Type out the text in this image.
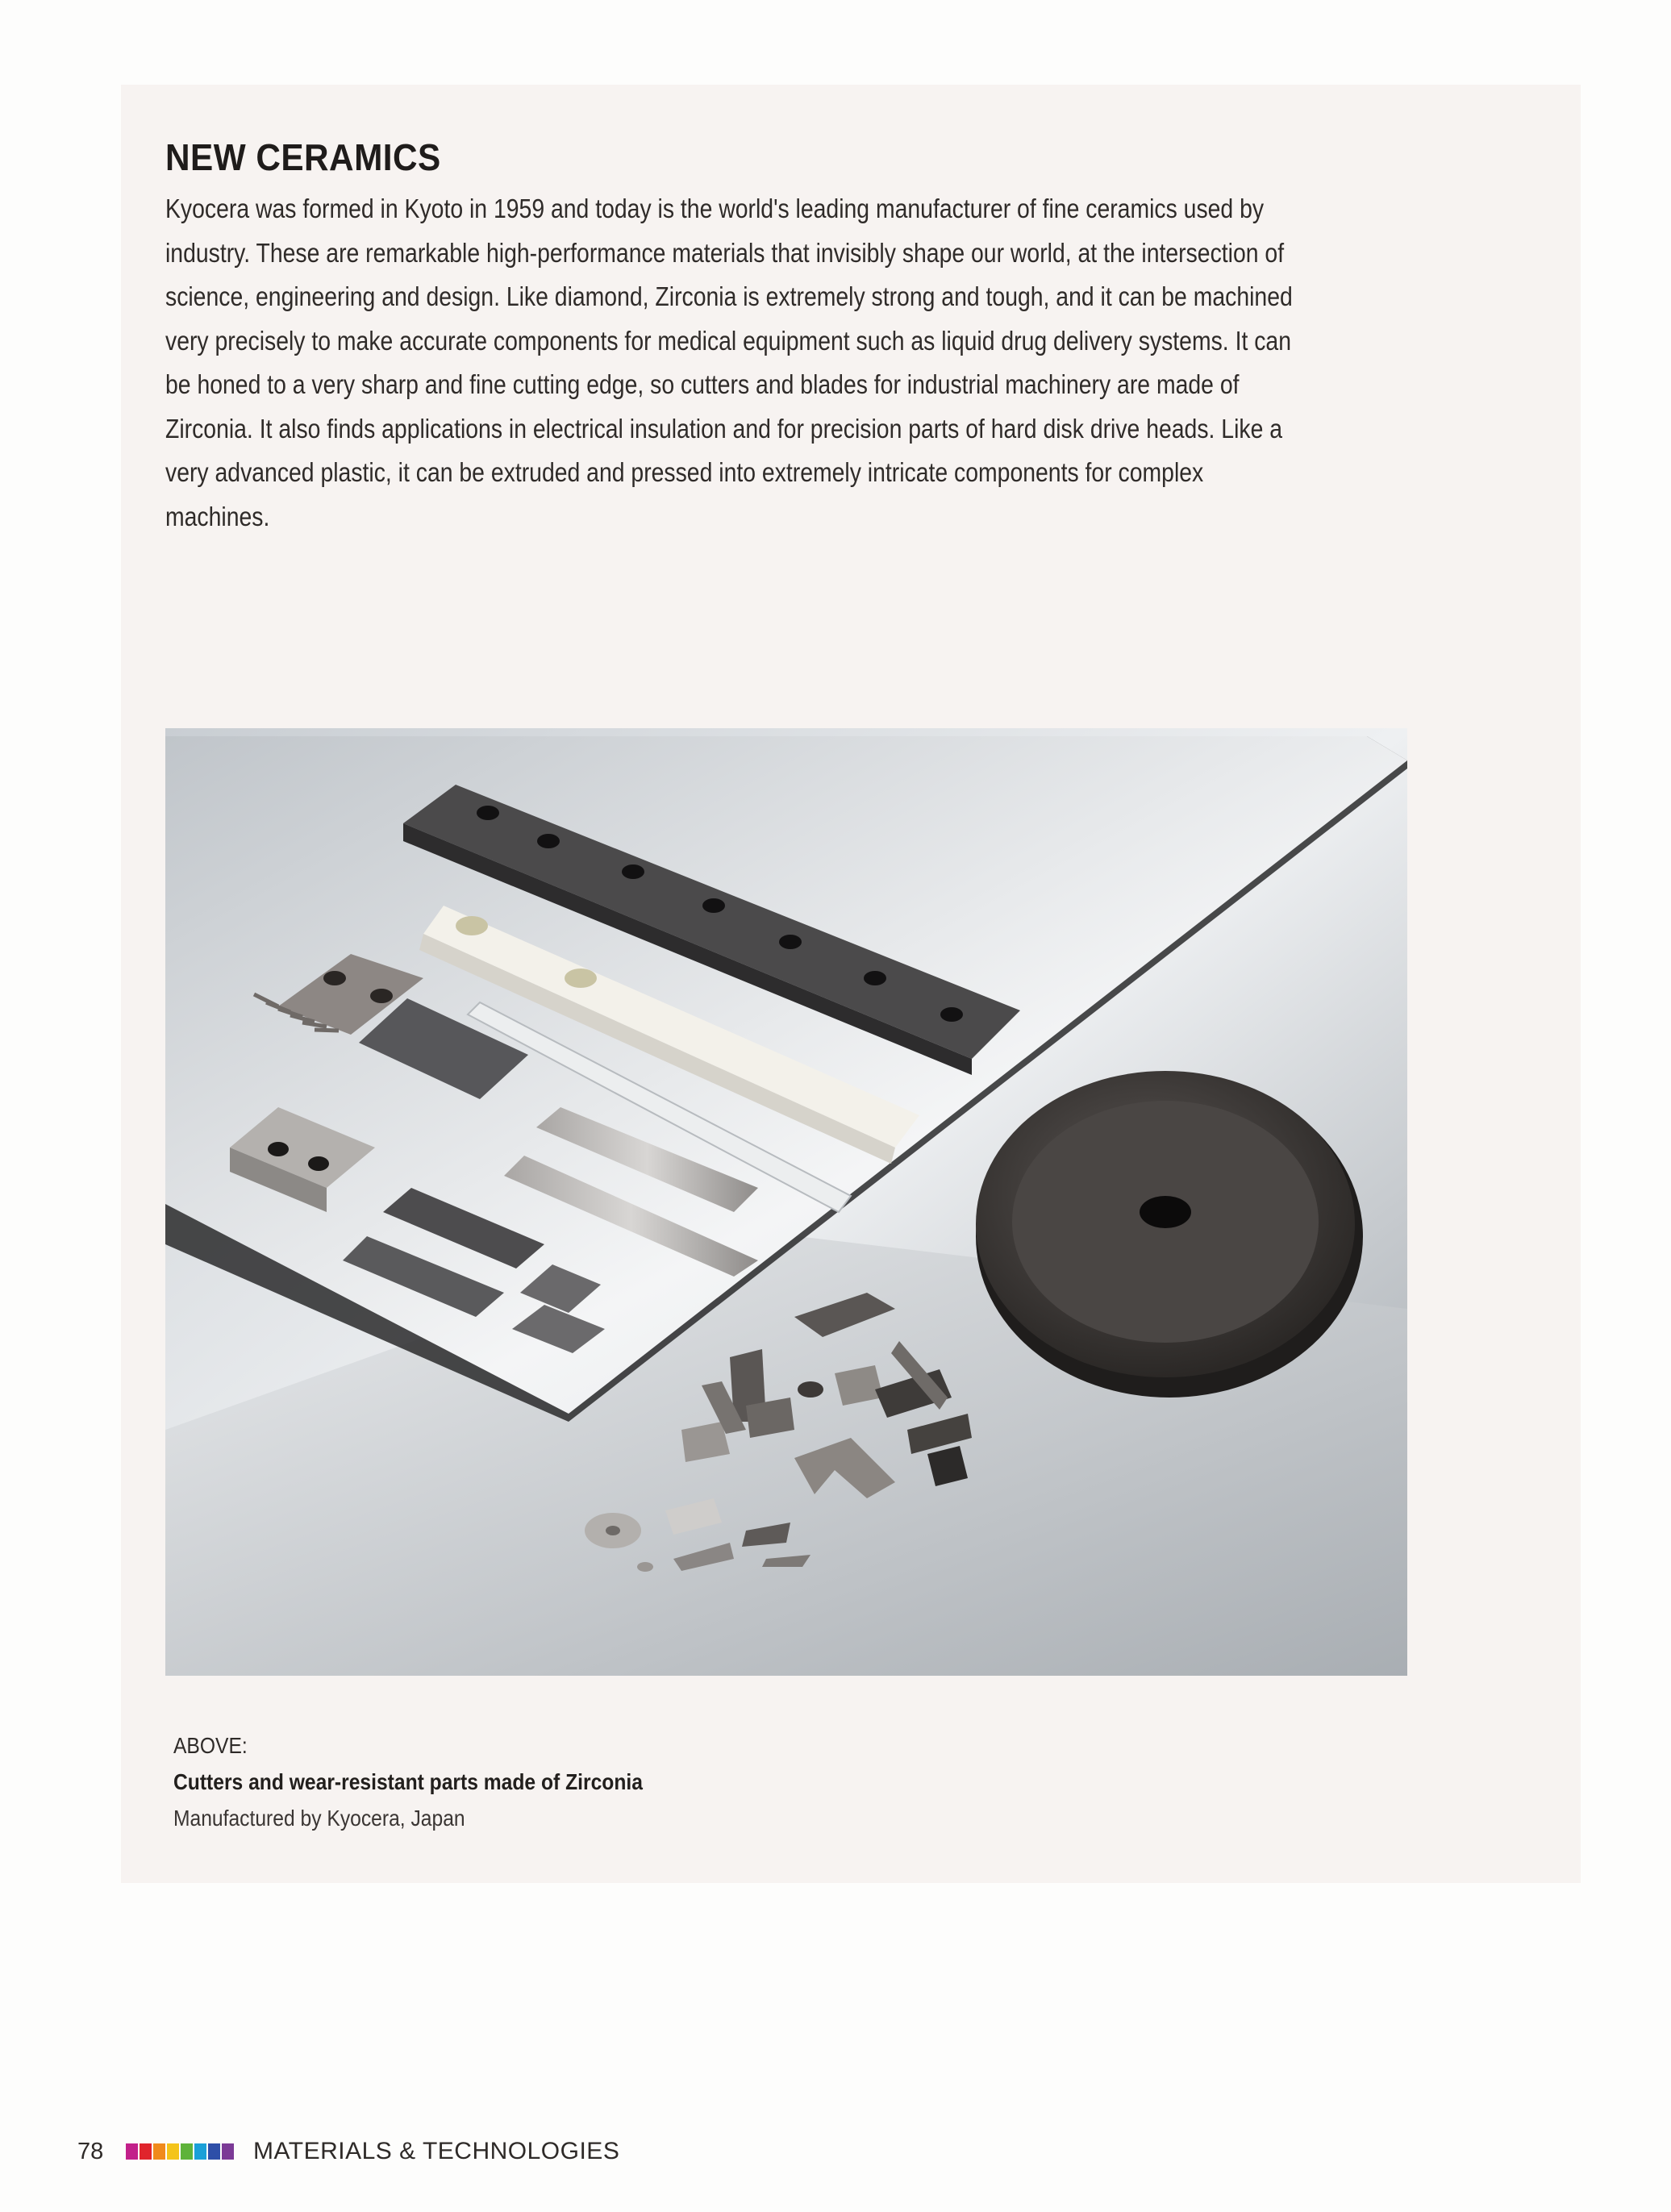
NEW CERAMICS

Kyocera was formed in Kyoto in 1959 and today is the world's leading manufacturer of fine ceramics used by industry. These are remarkable high-performance materials that invisibly shape our world, at the intersection of science, engineering and design. Like diamond, Zirconia is extremely strong and tough, and it can be machined very precisely to make accurate components for medical equipment such as liquid drug delivery systems. It can be honed to a very sharp and fine cutting edge, so cutters and blades for industrial machinery are made of Zirconia. It also finds applications in electrical insulation and for precision parts of hard disk drive heads. Like a very advanced plastic, it can be extruded and pressed into extremely intricate components for complex machines.

ABOVE:
Cutters and wear-resistant parts made of Zirconia
Manufactured by Kyocera, Japan
78	MATERIALS & TECHNOLOGIES
